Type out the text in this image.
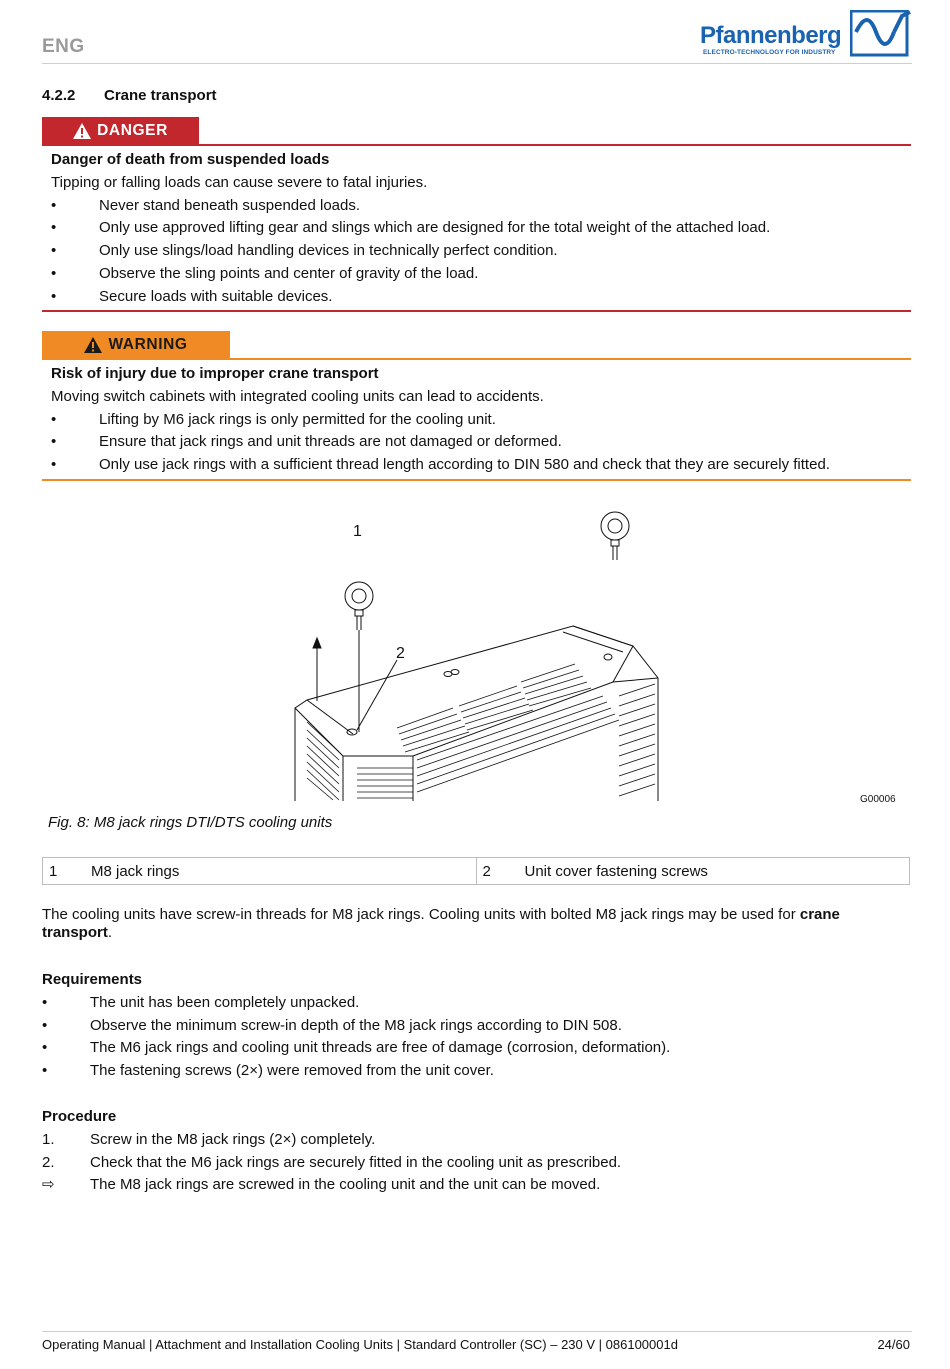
ENG	Pfannenberg
ELECTRO-TECHNOLOGY FOR INDUSTRY
4.2.2 Crane transport
DANGER
Danger of death from suspended loads
Tipping or falling loads can cause severe to fatal injuries.
•	Never stand beneath suspended loads.
•	Only use approved lifting gear and slings which are designed for the total weight of the attached load.
•	Only use slings/load handling devices in technically perfect condition.
•	Observe the sling points and center of gravity of the load.
•	Secure loads with suitable devices.
WARNING
Risk of injury due to improper crane transport
Moving switch cabinets with integrated cooling units can lead to accidents.
•	Lifting by M6 jack rings is only permitted for the cooling unit.
•	Ensure that jack rings and unit threads are not damaged or deformed.
•	Only use jack rings with a sufficient thread length according to DIN 580 and check that they are securely fitted.
1
2
G00006
Fig. 8: M8 jack rings DTI/DTS cooling units
1	M8 jack rings	2	Unit cover fastening screws
The cooling units have screw-in threads for M8 jack rings. Cooling units with bolted M8 jack rings may be used for crane transport.
Requirements
•	The unit has been completely unpacked.
•	Observe the minimum screw-in depth of the M8 jack rings according to DIN 508.
•	The M6 jack rings and cooling unit threads are free of damage (corrosion, deformation).
•	The fastening screws (2×) were removed from the unit cover.
Procedure
1. Screw in the M8 jack rings (2×) completely.
2. Check that the M6 jack rings are securely fitted in the cooling unit as prescribed.
⇨ The M8 jack rings are screwed in the cooling unit and the unit can be moved.
Operating Manual | Attachment and Installation Cooling Units | Standard Controller (SC) – 230 V | 086100001d	24/60
